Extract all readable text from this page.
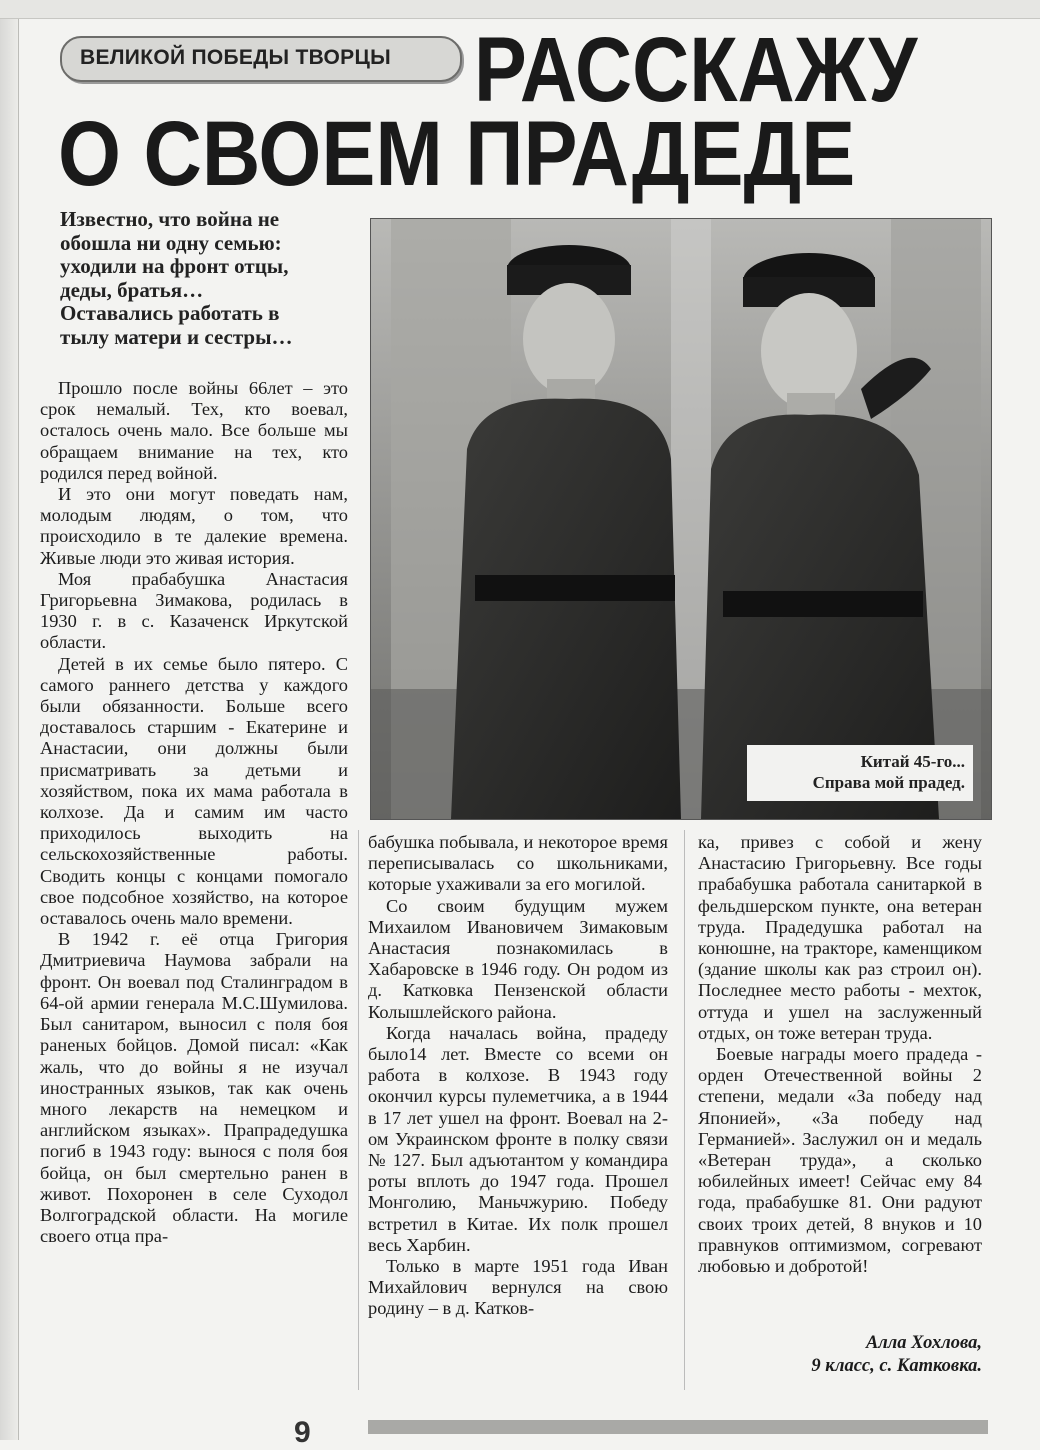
ВЕЛИКОЙ ПОБЕДЫ ТВОРЦЫ РАССКАЖУ
О СВОЕМ ПРАДЕДЕ

Известно, что война не

обошла ни одну семью:

уходили на фронт отцы,

деды, братья…

Оставались работать в

тылу матери и сестры…

Китай 45-го...
Справа мой прадед.

Прошло после войны 66лет – это срок немалый. Тех, кто воевал, осталось очень мало. Все больше мы обращаем внимание на тех, кто родился перед войной.

И это они могут поведать нам, молодым людям, о том, что происходило в те далекие времена. Живые люди это живая история.

Моя прабабушка Анастасия Григорьевна Зимакова, родилась в 1930 г. в с. Казаченск Иркутской области.

Детей в их семье было пятеро. С самого раннего детства у каждого были обязанности. Больше всего доставалось старшим - Екатерине и Анастасии, они должны были присматривать за детьми и хозяйством, пока их мама работала в колхозе. Да и самим им часто приходилось выходить на сельскохозяйственные работы. Сводить концы с концами помогало свое подсобное хозяйство, на которое оставалось очень мало времени.

В 1942 г. её отца Григория Дмитриевича Наумова забрали на фронт. Он воевал под Сталинградом в 64-ой армии генерала М.С.Шумилова. Был санитаром, выносил с поля боя раненых бойцов. Домой писал: «Как жаль, что до войны я не изучал иностранных языков, так как очень много лекарств на немецком и английском языках». Прапрадедушка погиб в 1943 году: вынося с поля боя бойца, он был смертельно ранен в живот. Похоронен в селе Суходол Волгоградской области. На могиле своего отца пра-

бабушка побывала, и некоторое время переписывалась со школьниками, которые ухаживали за его могилой.

Со своим будущим мужем Михаилом Ивановичем Зимаковым Анастасия познакомилась в Хабаровске в 1946 году. Он родом из д. Катковка Пензенской области Колышлейского района.

Когда началась война, прадеду было14 лет. Вместе со всеми он работа в колхозе. В 1943 году окончил курсы пулеметчика, а в 1944 в 17 лет ушел на фронт. Воевал на 2-ом Украинском фронте в полку связи № 127. Был адъютантом у командира роты вплоть до 1947 года. Прошел Монголию, Маньчжурию. Победу встретил в Китае. Их полк прошел весь Харбин.

Только в марте 1951 года Иван Михайлович вернулся на свою родину – в д. Катков-

ка, привез с собой и жену Анастасию Григорьевну. Все годы прабабушка работала санитаркой в фельдшерском пункте, она ветеран труда. Прадедушка работал на конюшне, на тракторе, каменщиком (здание школы как раз строил он). Последнее место работы - мехток, оттуда и ушел на заслуженный отдых, он тоже ветеран труда.

Боевые награды моего прадеда - орден Отечественной войны 2 степени, медали «За победу над Японией», «За победу над Германией». Заслужил он и медаль «Ветеран труда», а сколько юбилейных имеет! Сейчас ему 84 года, прабабушке 81. Они радуют своих троих детей, 8 внуков и 10 правнуков оптимизмом, согревают любовью и добротой!

Алла Хохлова,
9 класс, с. Катковка.
9
